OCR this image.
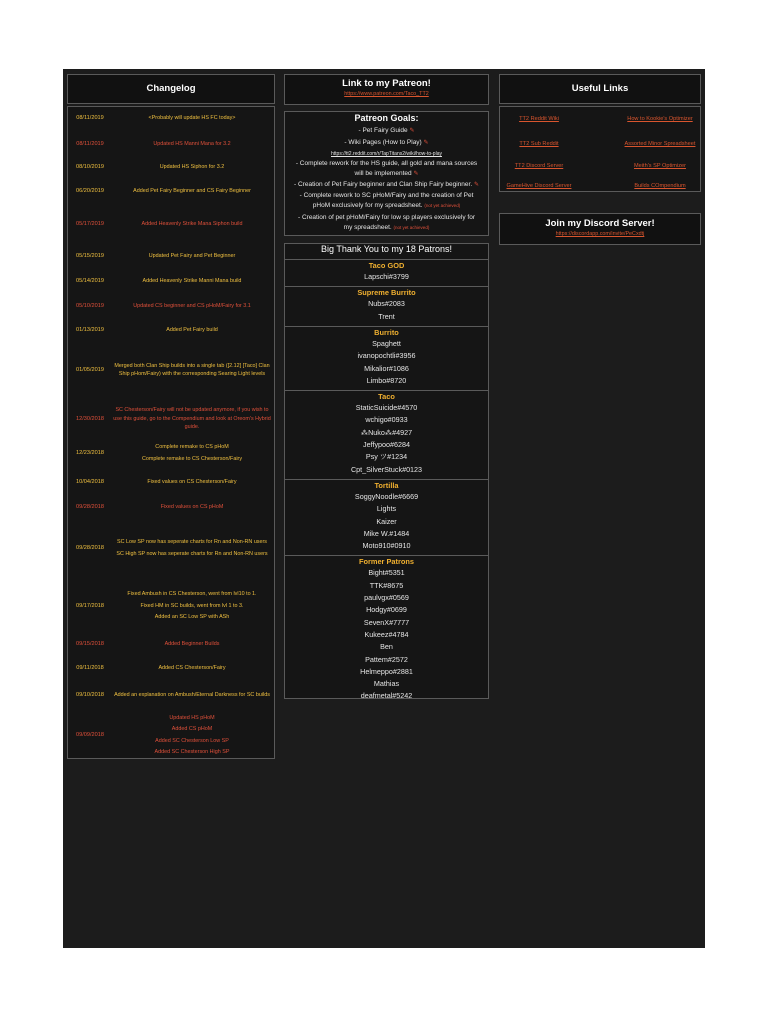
Changelog
08/11/2019	<Probably will update HS FC today>
08/11/2019	Updated HS Manni Mana for 3.2
08/10/2019	Updated HS Siphon for 3.2
06/20/2019	Added Pet Fairy Beginner and CS Fairy Beginner
05/17/2019	Added Heavenly Strike Mana Siphon build
05/15/2019	Updated Pet Fairy and Pet Beginner
05/14/2019	Added Heavenly Strike Manni Mana build
05/10/2019	Updated CS beginner and CS pHoM/Fairy for 3.1
01/13/2019	Added Pet Fairy build
01/05/2019
Merged both Clan Ship builds into a single tab ([2.12] [Taco] Clan Ship pHom/Fairy) with the corresponding Searing Light levels
12/30/2018
SC Chesterson/Fairy will not be updated anymore, if you wish to use this guide, go to the Compendium and look at Oreom's Hybrid guide.
12/23/2018
Complete remake to CS pHoM
Complete remake to CS Chesterson/Fairy
10/04/2018	Fixed values on CS Chesterson/Fairy
09/28/2018	Fixed values on CS pHoM
09/28/2018
SC Low SP now has seperate charts for Rn and Non-RN users
SC High SP now has seperate charts for Rn and Non-RN users
09/17/2018
Fixed Ambush in CS Chesterson, went from lvl10 to 1.
Fixed HM in SC builds, went from lvl 1 to 3.
Added an SC Low SP with ASh
09/15/2018	Added Beginner Builds
09/11/2018	Added CS Chesterson/Fairy
09/10/2018	Added an explanation on Ambush/Eternal Darkness for SC builds
09/09/2018
Updated HS pHoM
Added CS pHoM
Added SC Chesterson Low SP
Added SC Chesterson High SP
Link to my Patreon!
https://www.patreon.com/Taco_TT2
Patreon Goals:
- Pet Fairy Guide ✎
- Wiki Pages (How to Play) ✎
https://tt2.reddit.com/r/TapTitans2/wiki/how-to-play
- Complete rework for the HS guide, all gold and mana sources
will be implemented ✎
- Creation of Pet Fairy beginner and Clan Ship Fairy beginner. ✎
- Complete rework to SC pHoM/Fairy and the creation of Pet
pHoM exclusively for my spreadsheet. (not yet achieved)
- Creation of pet pHoM/Fairy for low sp players exclusively for
my spreadsheet. (not yet achieved)
Big Thank You to my 18 Patrons!
Taco GOD
Lapschi#3799
Supreme Burrito
Nubs#2083
Trent
Burrito
Spaghett
ivanopochtli#3956
Mikalior#1086
Limbo#8720
Taco
StaticSuicide#4570
wchigo#0933
⁂Nuko⁂#4927
Jeffypoo#6284
Psy ツ#1234
Cpt_SilverStuck#0123
Tortilla
SoggyNoodle#6669
Lights
Kaizer
Mike W.#1484
Moto910#0910
Former Patrons
Bight#5351
TTK#8675
paulvgx#0569
Hodgy#0699
SevenX#7777
Kukeez#4784
Ben
Pattem#2572
Helmeppo#2881
Mathias
deafmetal#5242
Useful Links
TT2 Reddit Wiki	How to Kookie's Optimizer
TT2 Sub Reddit	Assorted Minor Spreadsheet
TT2 Discord Server	Meith's SP Optimizer
GameHive Discord Server	Builds COmpendium
Join my Discord Server!
https://discordapp.com/invite/PeCxdtj
